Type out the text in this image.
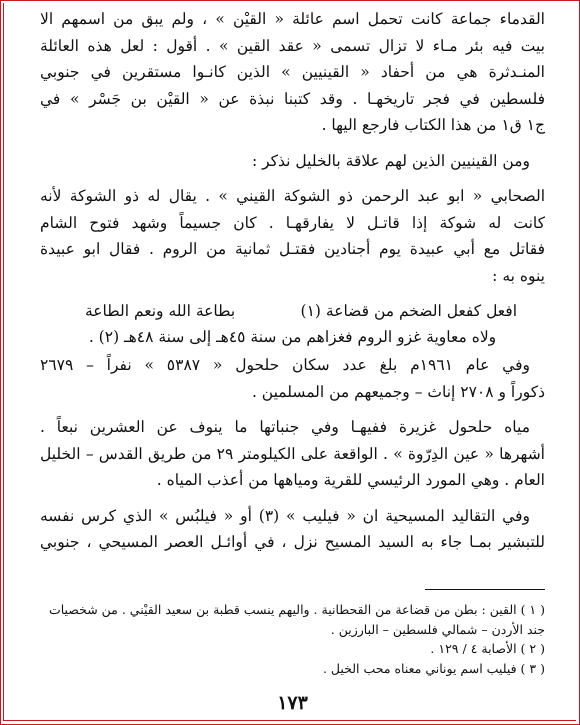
القدماء جماعة كانت تحمل اسم عائلة « القيْن » ، ولم يبق من اسمهم الا
بيت فيه بئر مـاء لا تزال تسمى « عقد القين » . أقول : لعل هذه العائلة
المنـدثرة هي من أحفاد « القينيين » الذين كانـوا مستقرين في جنوبي
فلسطين في فجر تاريخهـا . وقد كتبنا نبذة عن « القيْن بن جَسْر » في
ج١ ق١ من هذا الكتاب فارجع اليها .
ومن القينيين الذين لهم علاقة بالخليل نذكر :
الصحابي « ابو عبد الرحمن ذو الشوكة القيني » . يقال له ذو الشوكة لأنه
كانت له شوكة إذا قاتـل لا يفارقهـا . كان جسيماً وشهد فتوح الشام
فقاتل مع أبي عبيدة يوم أجنادين فقتـل ثمانية من الروم . فقال ابو عبيدة
ينوه به :
افعل كفعل الضخم من قضاعة (١)
بطاعة الله ونعم الطاعة
ولاه معاوية غزو الروم فغزاهم من سنة ٤٥هـ إلى سنة ٤٨هـ (٢) .
وفي عام ١٩٦١م بلغ عدد سكان حلحول « ٥٣٨٧ » نفراً – ٢٦٧٩
ذكوراً و ٢٧٠٨ إناث – وجميعهم من المسلمين .
مياه حلحول غزيرة ففيهـا وفي جنباتها ما ينوف عن العشرين نبعاً .
أشهرها « عين الدِرّوة » . الواقعة على الكيلومتر ٢٩ من طريق القدس – الخليل
العام . وهي المورد الرئيسي للقرية ومياهها من أعذب المياه .
وفي التقاليد المسيحية ان « فيليب » (٣) أو « فيلبُس » الذي كرس نفسه
للتبشير بمـا جاء به السيد المسيح نزل ، في أوائـل العصر المسيحي ، جنوبي
( ١ ) القين : بطن من قضاعة من القحطانية . واليهم ينسب قطبة بن سعيد القيْني . من شخصيات
جند الأردن – شمالي فلسطين – البارزين .
( ٢ ) الأصابة ٤ / ١٢٩ .
( ٣ ) فيليب اسم يوناني معناه محب الخيل .
١٧٣
